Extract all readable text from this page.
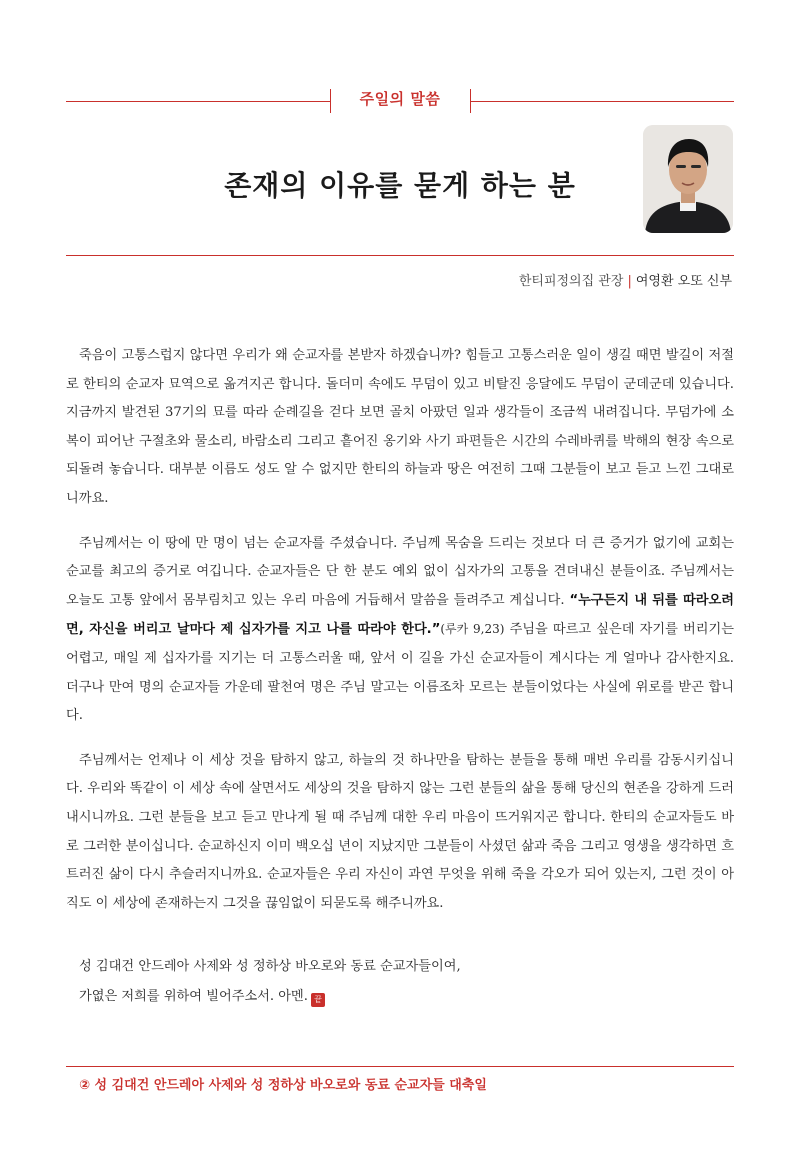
주일의 말씀
존재의 이유를 묻게 하는 분
한티피정의집 관장 | 여영환 오또 신부

죽음이 고통스럽지 않다면 우리가 왜 순교자를 본받자 하겠습니까? 힘들고 고통스러운 일이 생길 때면 발길이 저절로 한티의 순교자 묘역으로 옮겨지곤 합니다. 돌더미 속에도 무덤이 있고 비탈진 응달에도 무덤이 군데군데 있습니다. 지금까지 발견된 37기의 묘를 따라 순례길을 걷다 보면 골치 아팠던 일과 생각들이 조금씩 내려집니다. 무덤가에 소복이 피어난 구절초와 물소리, 바람소리 그리고 흩어진 옹기와 사기 파편들은 시간의 수레바퀴를 박해의 현장 속으로 되돌려 놓습니다. 대부분 이름도 성도 알 수 없지만 한티의 하늘과 땅은 여전히 그때 그분들이 보고 듣고 느낀 그대로니까요.

주님께서는 이 땅에 만 명이 넘는 순교자를 주셨습니다. 주님께 목숨을 드리는 것보다 더 큰 증거가 없기에 교회는 순교를 최고의 증거로 여깁니다. 순교자들은 단 한 분도 예외 없이 십자가의 고통을 견뎌내신 분들이죠. 주님께서는 오늘도 고통 앞에서 몸부림치고 있는 우리 마음에 거듭해서 말씀을 들려주고 계십니다. “누구든지 내 뒤를 따라오려면, 자신을 버리고 날마다 제 십자가를 지고 나를 따라야 한다.”(루카 9,23) 주님을 따르고 싶은데 자기를 버리기는 어렵고, 매일 제 십자가를 지기는 더 고통스러울 때, 앞서 이 길을 가신 순교자들이 계시다는 게 얼마나 감사한지요. 더구나 만여 명의 순교자들 가운데 팔천여 명은 주님 말고는 이름조차 모르는 분들이었다는 사실에 위로를 받곤 합니다.

주님께서는 언제나 이 세상 것을 탐하지 않고, 하늘의 것 하나만을 탐하는 분들을 통해 매번 우리를 감동시키십니다. 우리와 똑같이 이 세상 속에 살면서도 세상의 것을 탐하지 않는 그런 분들의 삶을 통해 당신의 현존을 강하게 드러내시니까요. 그런 분들을 보고 듣고 만나게 될 때 주님께 대한 우리 마음이 뜨거워지곤 합니다. 한티의 순교자들도 바로 그러한 분이십니다. 순교하신지 이미 백오십 년이 지났지만 그분들이 사셨던 삶과 죽음 그리고 영생을 생각하면 흐트러진 삶이 다시 추슬러지니까요. 순교자들은 우리 자신이 과연 무엇을 위해 죽을 각오가 되어 있는지, 그런 것이 아직도 이 세상에 존재하는지 그것을 끊임없이 되묻도록 해주니까요.

성 김대건 안드레아 사제와 성 정하상 바오로와 동료 순교자들이여,
가엾은 저희를 위하여 빌어주소서. 아멘. 끝
② 성 김대건 안드레아 사제와 성 정하상 바오로와 동료 순교자들 대축일
